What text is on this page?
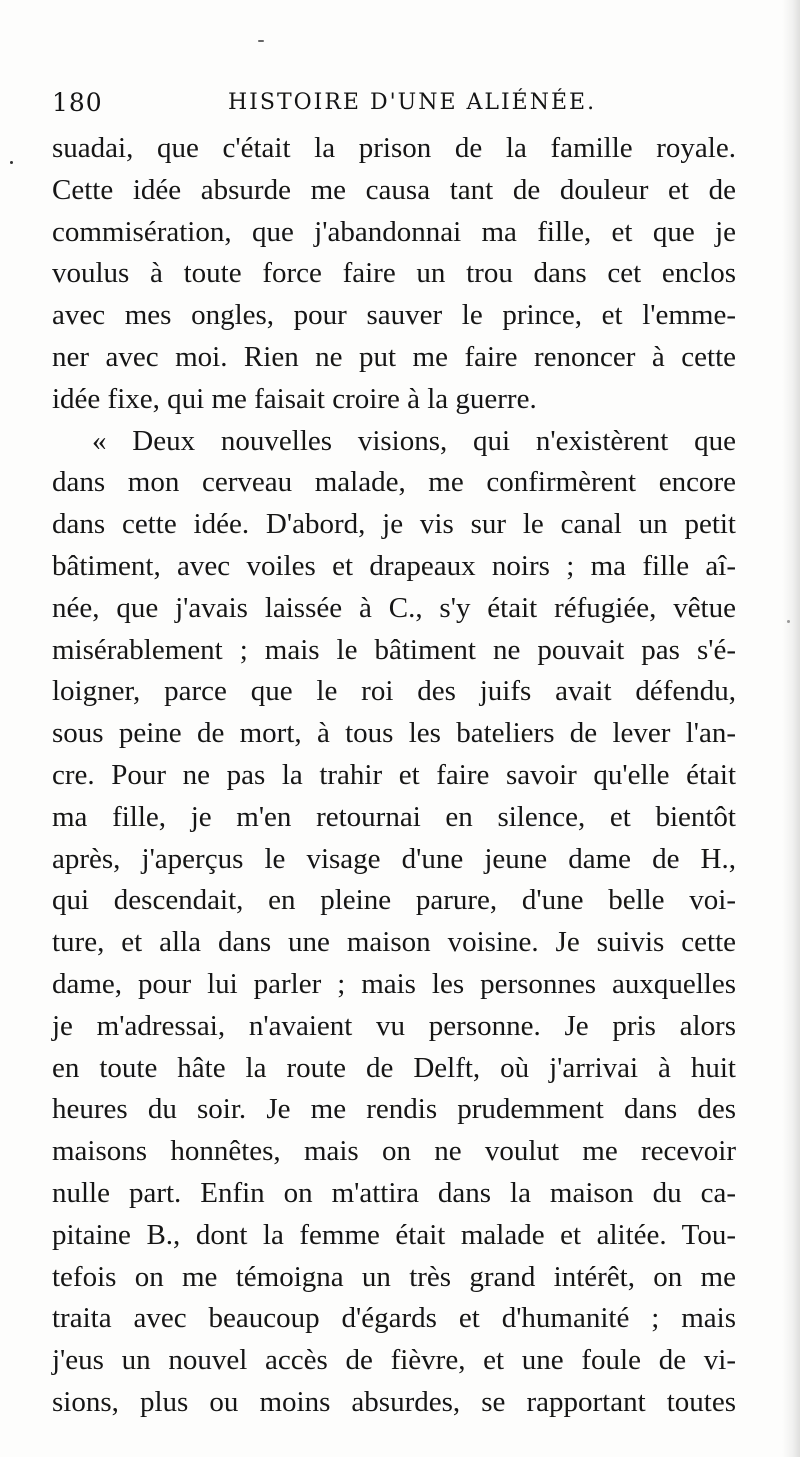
180	HISTOIRE D'UNE ALIÉNÉE.
suadai, que c'était la prison de la famille royale.
Cette idée absurde me causa tant de douleur et de
commisération, que j'abandonnai ma fille, et que je
voulus à toute force faire un trou dans cet enclos
avec mes ongles, pour sauver le prince, et l'emme-
ner avec moi. Rien ne put me faire renoncer à cette
idée fixe, qui me faisait croire à la guerre.
« Deux nouvelles visions, qui n'existèrent que
dans mon cerveau malade, me confirmèrent encore
dans cette idée. D'abord, je vis sur le canal un petit
bâtiment, avec voiles et drapeaux noirs ; ma fille aî-
née, que j'avais laissée à C., s'y était réfugiée, vêtue
misérablement ; mais le bâtiment ne pouvait pas s'é-
loigner, parce que le roi des juifs avait défendu,
sous peine de mort, à tous les bateliers de lever l'an-
cre. Pour ne pas la trahir et faire savoir qu'elle était
ma fille, je m'en retournai en silence, et bientôt
après, j'aperçus le visage d'une jeune dame de H.,
qui descendait, en pleine parure, d'une belle voi-
ture, et alla dans une maison voisine. Je suivis cette
dame, pour lui parler ; mais les personnes auxquelles
je m'adressai, n'avaient vu personne. Je pris alors
en toute hâte la route de Delft, où j'arrivai à huit
heures du soir. Je me rendis prudemment dans des
maisons honnêtes, mais on ne voulut me recevoir
nulle part. Enfin on m'attira dans la maison du ca-
pitaine B., dont la femme était malade et alitée. Tou-
tefois on me témoigna un très grand intérêt, on me
traita avec beaucoup d'égards et d'humanité ; mais
j'eus un nouvel accès de fièvre, et une foule de vi-
sions, plus ou moins absurdes, se rapportant toutes
